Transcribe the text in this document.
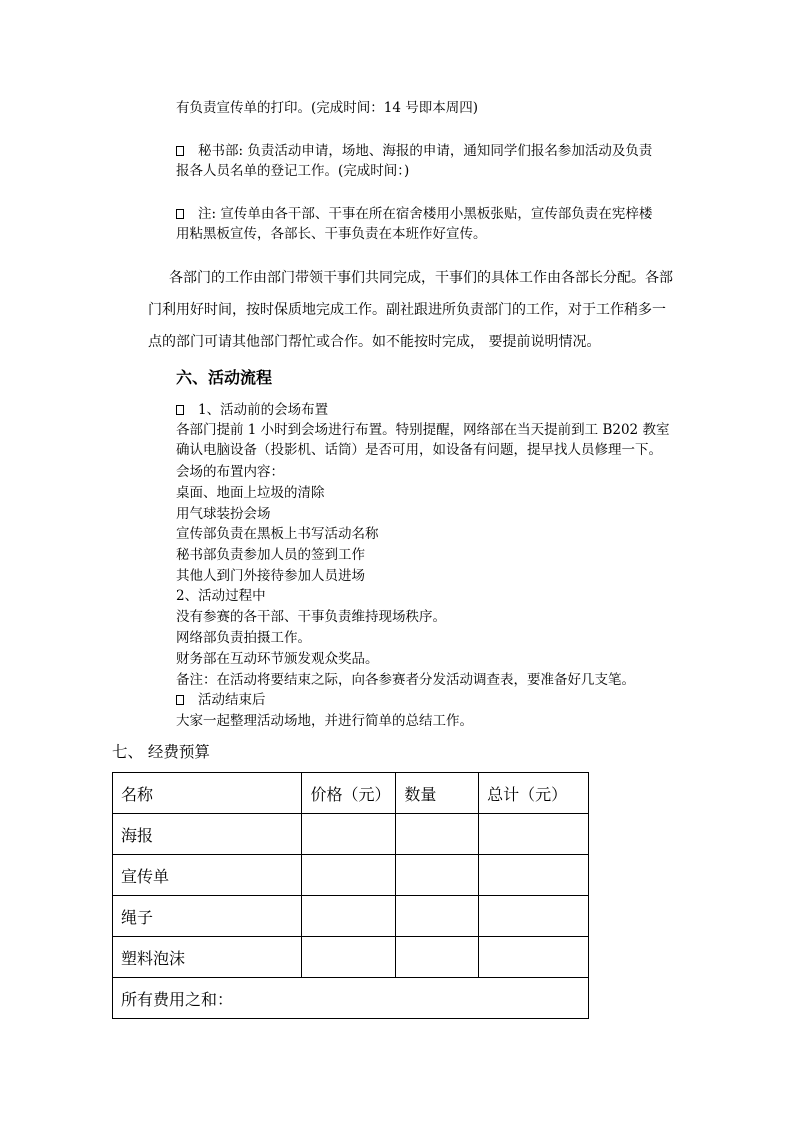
有负责宣传单的打印。(完成时间：14 号即本周四)
秘书部: 负责活动申请，场地、海报的申请，通知同学们报名参加活动及负责
报各人员名单的登记工作。(完成时间：)
注: 宣传单由各干部、干事在所在宿舍楼用小黑板张贴，宣传部负责在宪梓楼
用粘黑板宣传，各部长、干事负责在本班作好宣传。
各部门的工作由部门带领干事们共同完成，干事们的具体工作由各部长分配。各部门利用好时间，按时保质地完成工作。副社跟进所负责部门的工作，对于工作稍多一点的部门可请其他部门帮忙或合作。如不能按时完成， 要提前说明情况。
六、活动流程
1、活动前的会场布置
各部门提前 1 小时到会场进行布置。特别提醒，网络部在当天提前到工 B202 教室
确认电脑设备（投影机、话筒）是否可用，如设备有问题，提早找人员修理一下。
会场的布置内容：
桌面、地面上垃圾的清除
用气球装扮会场
宣传部负责在黑板上书写活动名称
秘书部负责参加人员的签到工作
其他人到门外接待参加人员进场
2、活动过程中
没有参赛的各干部、干事负责维持现场秩序。
网络部负责拍摄工作。
财务部在互动环节颁发观众奖品。
备注：在活动将要结束之际，向各参赛者分发活动调查表，要准备好几支笔。
活动结束后
大家一起整理活动场地，并进行简单的总结工作。
七、 经费预算
名称	价格（元）	数量	总计（元）
海报			
宣传单			
绳子			
塑料泡沫			
所有费用之和：			
